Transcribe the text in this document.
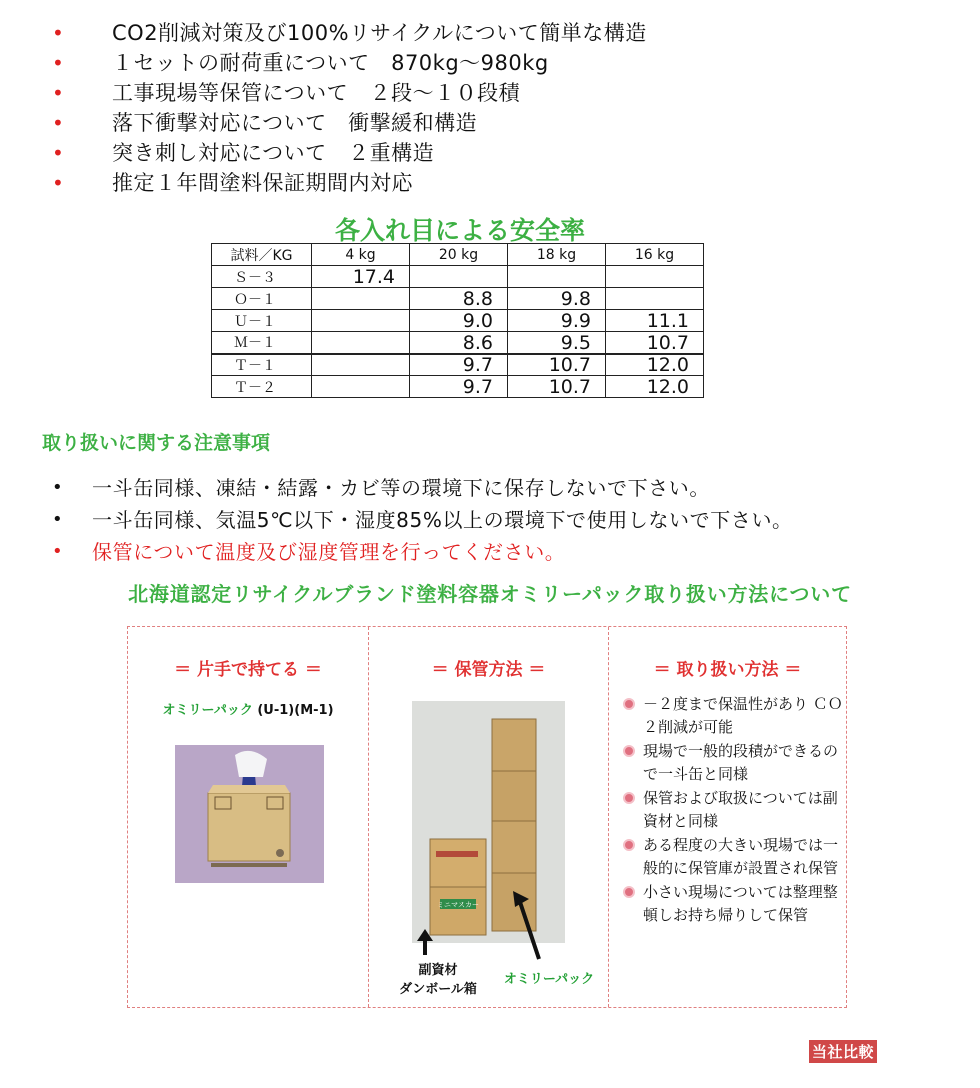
• CO2削減対策及び100%リサイクルについて簡単な構造
• １セットの耐荷重について　870kg～980kg
• 工事現場等保管について　２段～１０段積
• 落下衝撃対応について　衝撃緩和構造
• 突き刺し対応について　２重構造
• 推定１年間塗料保証期間内対応
各入れ目による安全率
試料／KG	4 kg	20 kg	18 kg	16 kg
Ｓ－３	17.4			
Ｏ－１		8.8	9.8	
Ｕ－１		9.0	9.9	11.1
Ｍ－１		8.6	9.5	10.7
Ｔ－１		9.7	10.7	12.0
Ｔ－２		9.7	10.7	12.0
取り扱いに関する注意事項
• 一斗缶同様、凍結・結露・カビ等の環境下に保存しないで下さい。
• 一斗缶同様、気温5℃以下・湿度85%以上の環境下で使用しないで下さい。
• 保管について温度及び湿度管理を行ってください。
北海道認定リサイクルブランド塗料容器オミリーパック取り扱い方法について
＝ 片手で持てる ＝
オミリーパック (U-1)(M-1)
＝ 保管方法 ＝
ミニマスカー
副資材
ダンボール箱
オミリーパック
＝ 取り扱い方法 ＝
－２度まで保温性があり ＣＯ２削減が可能
現場で一般的段積ができるので一斗缶と同様
保管および取扱については副資材と同様
ある程度の大きい現場では一般的に保管庫が設置され保管
小さい現場については整理整頓しお持ち帰りして保管
当社比較
